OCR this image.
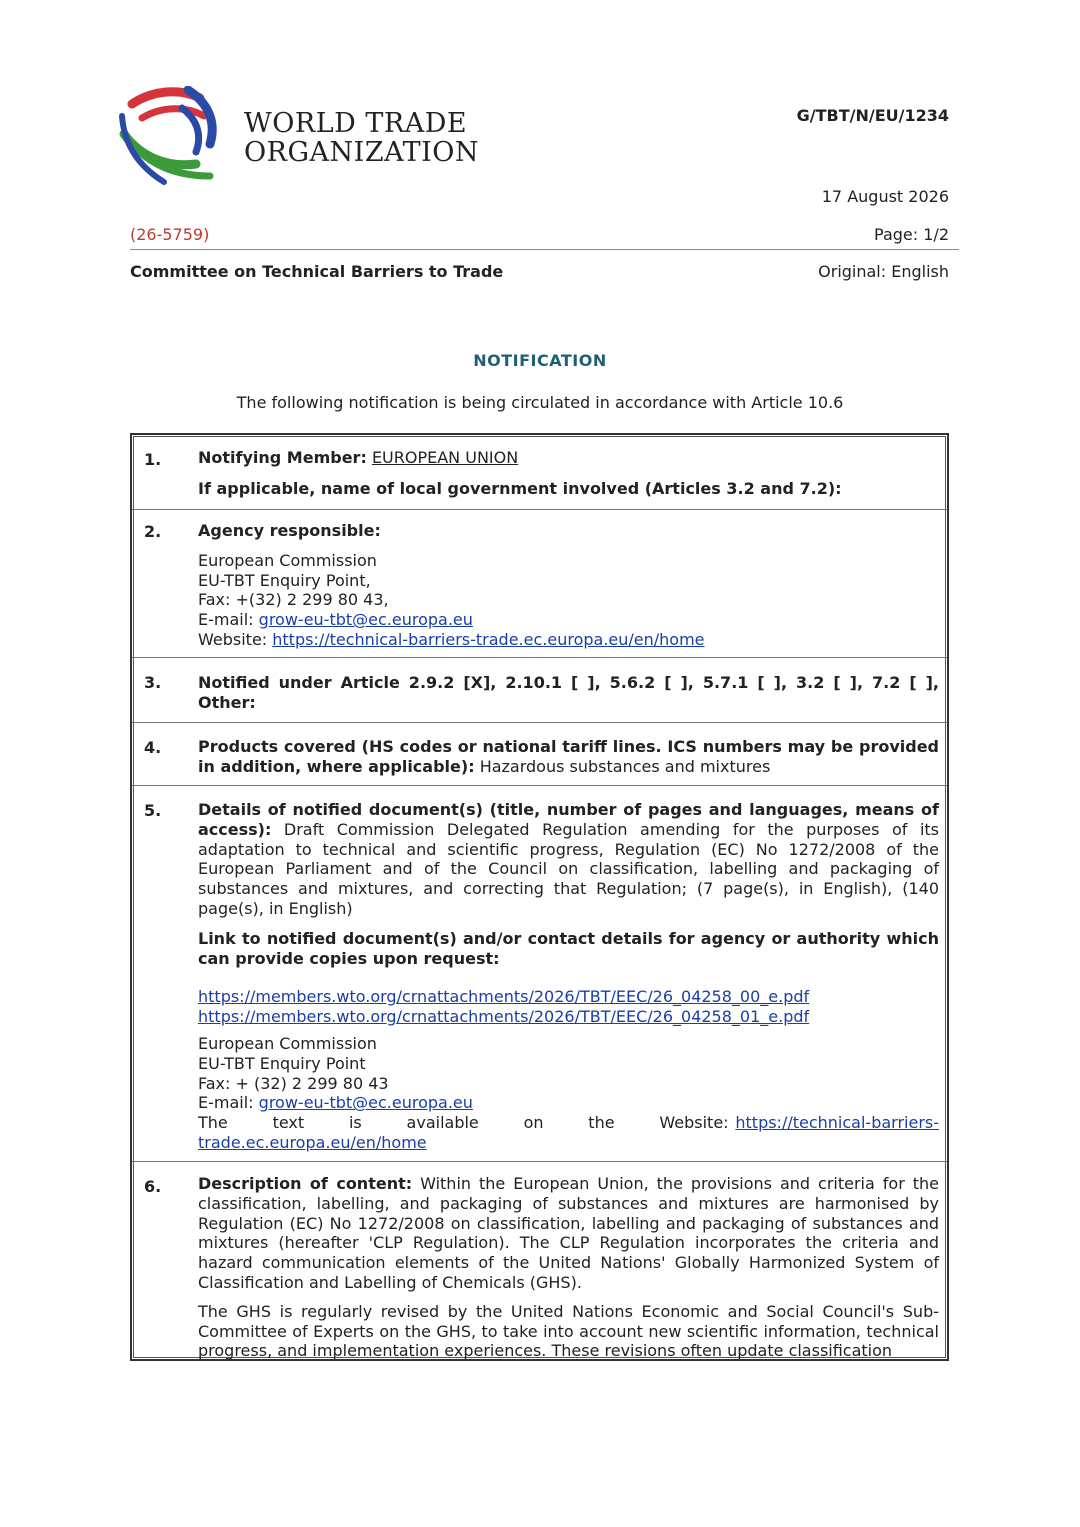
WORLD TRADE
ORGANIZATION
G/TBT/N/EU/1234
17 August 2026
(26-5759)	Page: 1/2
Committee on Technical Barriers to Trade	Original: English
NOTIFICATION
The following notification is being circulated in accordance with Article 10.6
1. Notifying Member: EUROPEAN UNION

If applicable, name of local government involved (Articles 3.2 and 7.2):

2. Agency responsible:

European Commission

EU-TBT Enquiry Point,

Fax: +(32) 2 299 80 43,

E-mail: grow-eu-tbt@ec.europa.eu

Website: https://technical-barriers-trade.ec.europa.eu/en/home

3. Notified under Article 2.9.2 [X], 2.10.1 [ ], 5.6.2 [ ], 5.7.1 [ ], 3.2 [ ], 7.2 [ ],

Other:

4. Products covered (HS codes or national tariff lines. ICS numbers may be provided in addition, where applicable): Hazardous substances and mixtures

5. Details of notified document(s) (title, number of pages and languages, means of access): Draft Commission Delegated Regulation amending for the purposes of its adaptation to technical and scientific progress, Regulation (EC) No 1272/2008 of the European Parliament and of the Council on classification, labelling and packaging of substances and mixtures, and correcting that Regulation; (7 page(s), in English), (140 page(s), in English)

Link to notified document(s) and/or contact details for agency or authority which can provide copies upon request:

https://members.wto.org/crnattachments/2026/TBT/EEC/26_04258_00_e.pdf

https://members.wto.org/crnattachments/2026/TBT/EEC/26_04258_01_e.pdf

European Commission

EU-TBT Enquiry Point

Fax: + (32) 2 299 80 43

E-mail: grow-eu-tbt@ec.europa.eu

The text is available on the Website: https://technical-barriers-

trade.ec.europa.eu/en/home

6. Description of content: Within the European Union, the provisions and criteria for the classification, labelling, and packaging of substances and mixtures are harmonised by Regulation (EC) No 1272/2008 on classification, labelling and packaging of substances and mixtures (hereafter 'CLP Regulation). The CLP Regulation incorporates the criteria and hazard communication elements of the United Nations' Globally Harmonized System of Classification and Labelling of Chemicals (GHS).

The GHS is regularly revised by the United Nations Economic and Social Council's Sub-Committee of Experts on the GHS, to take into account new scientific information, technical progress, and implementation experiences. These revisions often update classification
